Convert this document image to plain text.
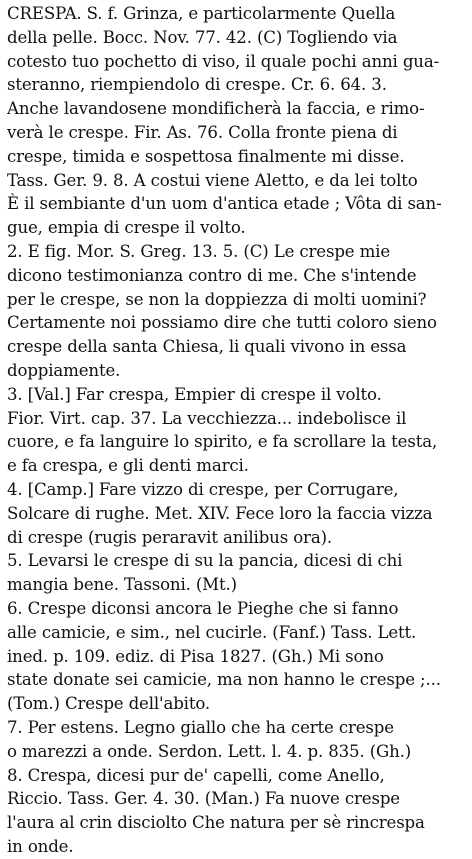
CRESPA. S. f. Grinza, e particolarmente Quella
della pelle. Bocc. Nov. 77. 42. (C) Togliendo via
cotesto tuo pochetto di viso, il quale pochi anni gua-
steranno, riempiendolo di crespe. Cr. 6. 64. 3.
Anche lavandosene mondificherà la faccia, e rimo-
verà le crespe. Fir. As. 76. Colla fronte piena di
crespe, timida e sospettosa finalmente mi disse.
Tass. Ger. 9. 8. A costui viene Aletto, e da lei tolto
È il sembiante d'un uom d'antica etade ; Vôta di san-
gue, empia di crespe il volto.
2. E fig. Mor. S. Greg. 13. 5. (C) Le crespe mie
dicono testimonianza contro di me. Che s'intende
per le crespe, se non la doppiezza di molti uomini?
Certamente noi possiamo dire che tutti coloro sieno
crespe della santa Chiesa, li quali vivono in essa
doppiamente.
3. [Val.] Far crespa, Empier di crespe il volto.
Fior. Virt. cap. 37. La vecchiezza... indebolisce il
cuore, e fa languire lo spirito, e fa scrollare la testa,
e fa crespa, e gli denti marci.
4. [Camp.] Fare vizzo di crespe, per Corrugare,
Solcare di rughe. Met. XIV. Fece loro la faccia vizza
di crespe (rugis peraravit anilibus ora).
5. Levarsi le crespe di su la pancia, dicesi di chi
mangia bene. Tassoni. (Mt.)
6. Crespe diconsi ancora le Pieghe che si fanno
alle camicie, e sim., nel cucirle. (Fanf.) Tass. Lett.
ined. p. 109. ediz. di Pisa 1827. (Gh.) Mi sono
state donate sei camicie, ma non hanno le crespe ;...
(Tom.) Crespe dell'abito.
7. Per estens. Legno giallo che ha certe crespe
o marezzi a onde. Serdon. Lett. l. 4. p. 835. (Gh.)
8. Crespa, dicesi pur de' capelli, come Anello,
Riccio. Tass. Ger. 4. 30. (Man.) Fa nuove crespe
l'aura al crin disciolto Che natura per sè rincrespa
in onde.
